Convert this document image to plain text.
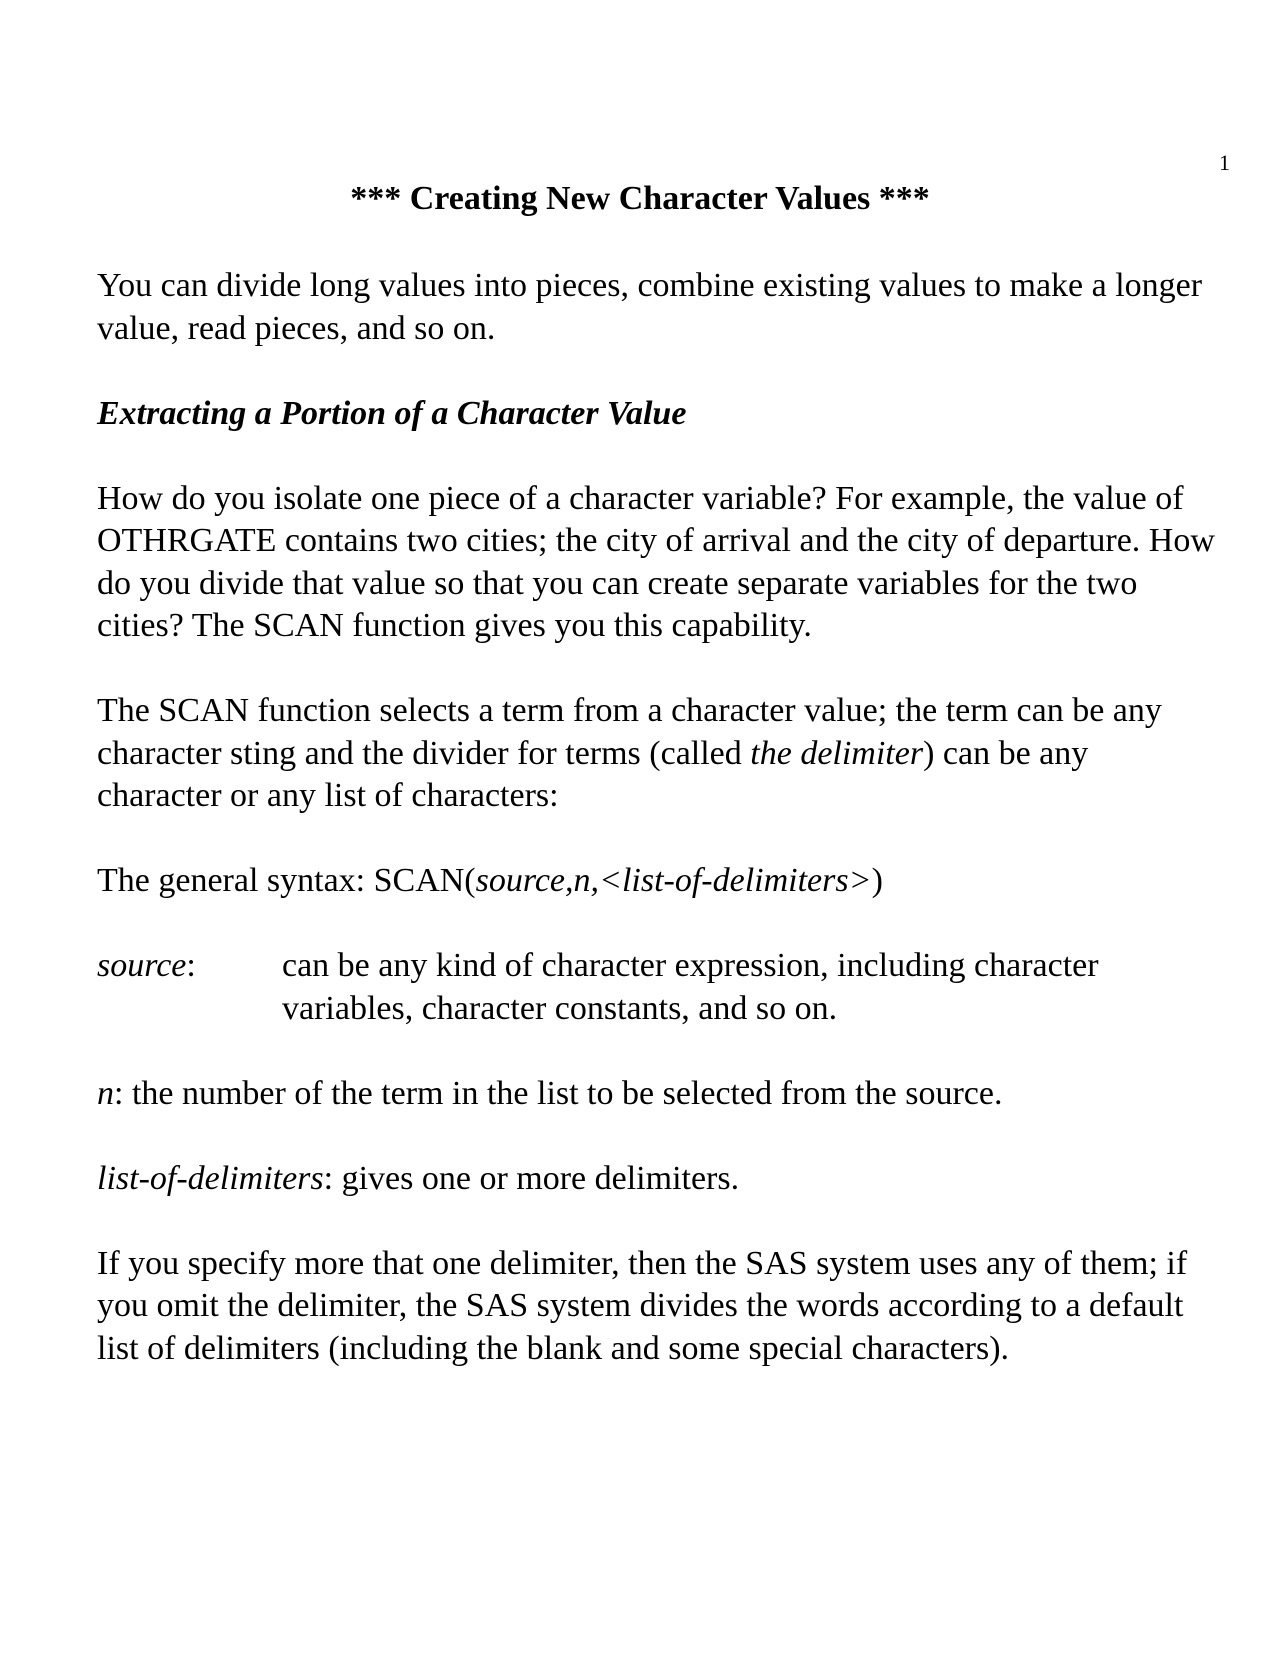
1
*** Creating New Character Values ***

You can divide long values into pieces, combine existing values to make a longer value, read pieces, and so on.

Extracting a Portion of a Character Value

How do you isolate one piece of a character variable? For example, the value of OTHRGATE contains two cities; the city of arrival and the city of departure. How do you divide that value so that you can create separate variables for the two cities? The SCAN function gives you this capability.

The SCAN function selects a term from a character value; the term can be any character sting and the divider for terms (called the delimiter) can be any character or any list of characters:

The general syntax: SCAN(source,n,<list-of-delimiters>)

source:	can be any kind of character expression, including character variables, character constants, and so on.

n: the number of the term in the list to be selected from the source.

list-of-delimiters: gives one or more delimiters.

If you specify more that one delimiter, then the SAS system uses any of them; if you omit the delimiter, the SAS system divides the words according to a default list of delimiters (including the blank and some special characters).
